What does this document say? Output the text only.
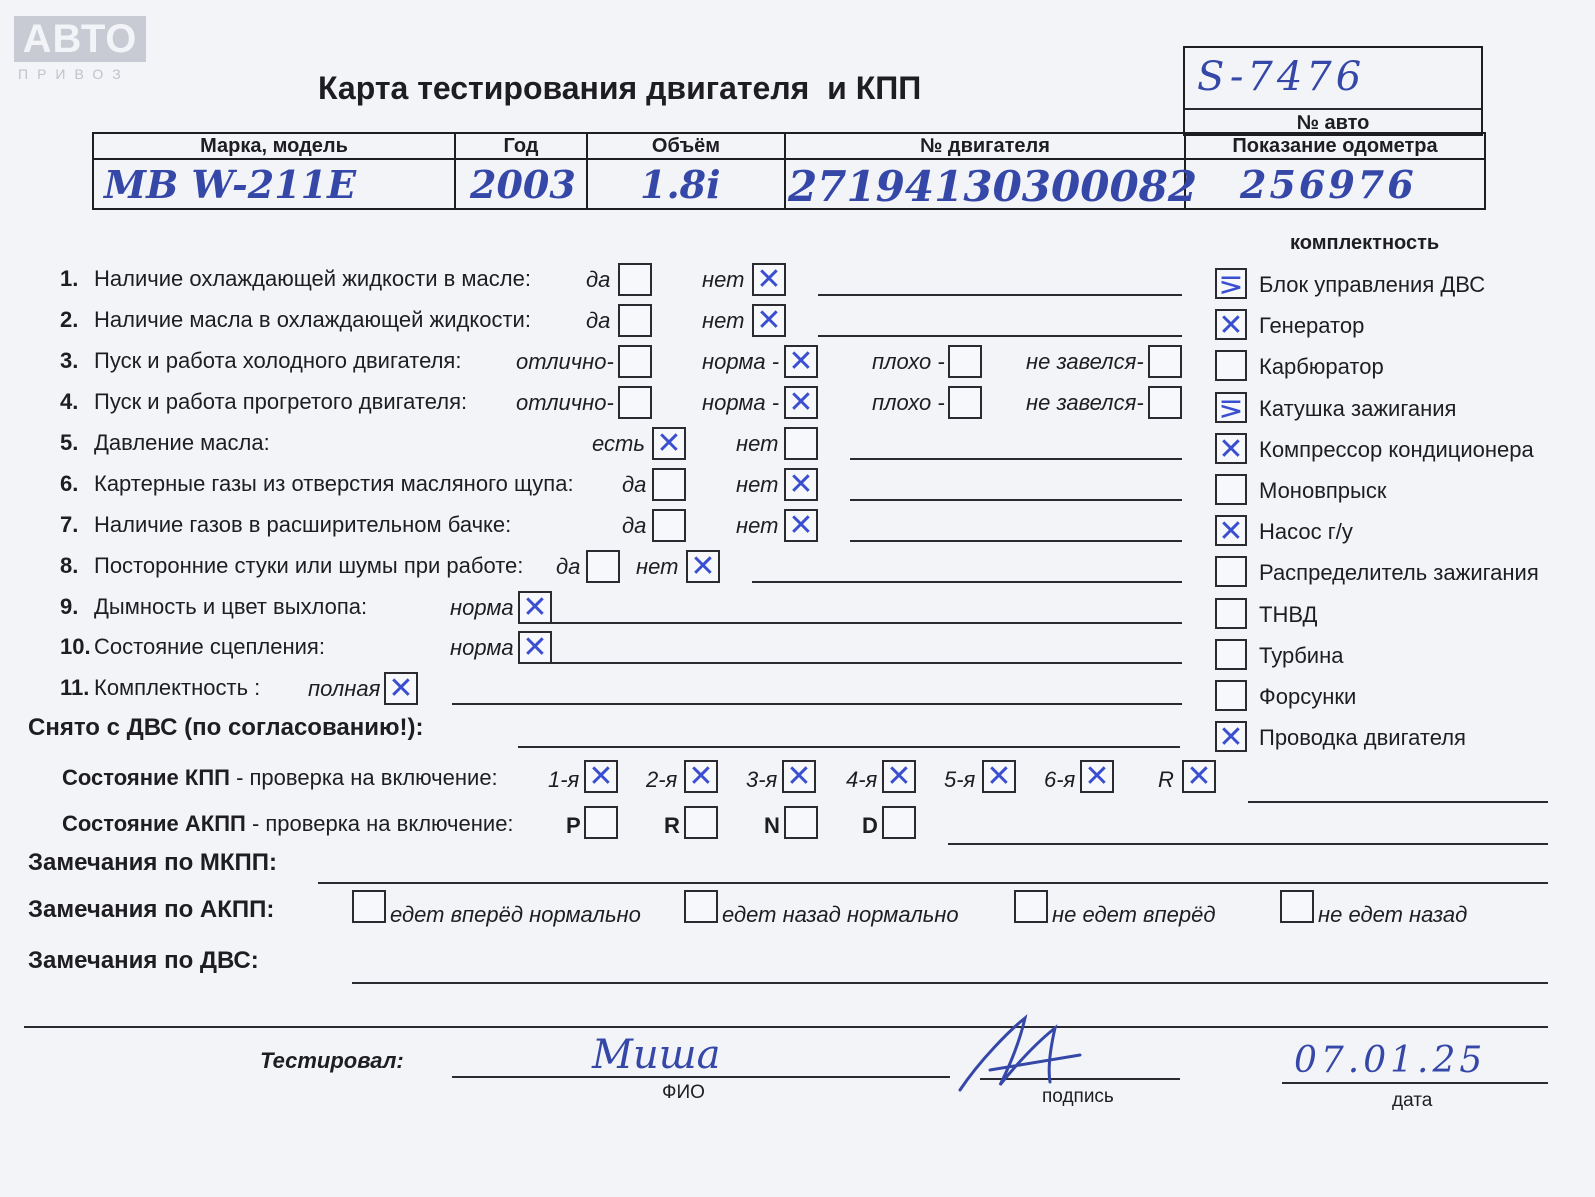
АВТО
ПРИВОЗ	Карта тестирования двигателя  и КПП	S-7476
№ авто
Марка, модель	Год	Объём	№ двигателя	Показание одометра

MB W-211E	2003	1.8i	27194130300082	256976
комплектность
⋝ Блок управления ДВС
✕ Генератор
Карбюратор
⋝ Катушка зажигания
✕ Компрессор кондиционера
Моновпрыск
✕ Насос г/у
Распределитель зажигания
ТНВД
Турбина
Форсунки
✕ Проводка двигателя
1. Наличие охлаждающей жидкости в масле:	да	нет ✕
2. Наличие масла в охлаждающей жидкости:	да	нет ✕
3. Пуск и работа холодного двигателя: отлично-	норма - ✕	плохо -	не завелся-
4. Пуск и работа прогретого двигателя: отлично-	норма - ✕	плохо -	не завелся-
5. Давление масла:	есть ✕ нет
6. Картерные газы из отверстия масляного щупа: да	нет ✕
7. Наличие газов в расширительном бачке:	да	нет ✕
8. Посторонние стуки или шумы при работе: да	нет ✕
9. Дымность и цвет выхлопа:	норма ✕
10. Состояние сцепления:	норма ✕
11. Комплектность : полная ✕
Снято с ДВС (по согласованию!):
Состояние КПП - проверка на включение: 1-я ✕ 2-я ✕ 3-я ✕ 4-я ✕ 5-я ✕ 6-я ✕ R ✕
Состояние АКПП - проверка на включение: P	R	N	D
Замечания по МКПП:
Замечания по АКПП:	едет вперёд нормально	едет назад нормально	не едет вперёд	не едет назад
Замечания по ДВС:
Тестировал:	Миша
ФИО	подпись
07.01.25
дата
